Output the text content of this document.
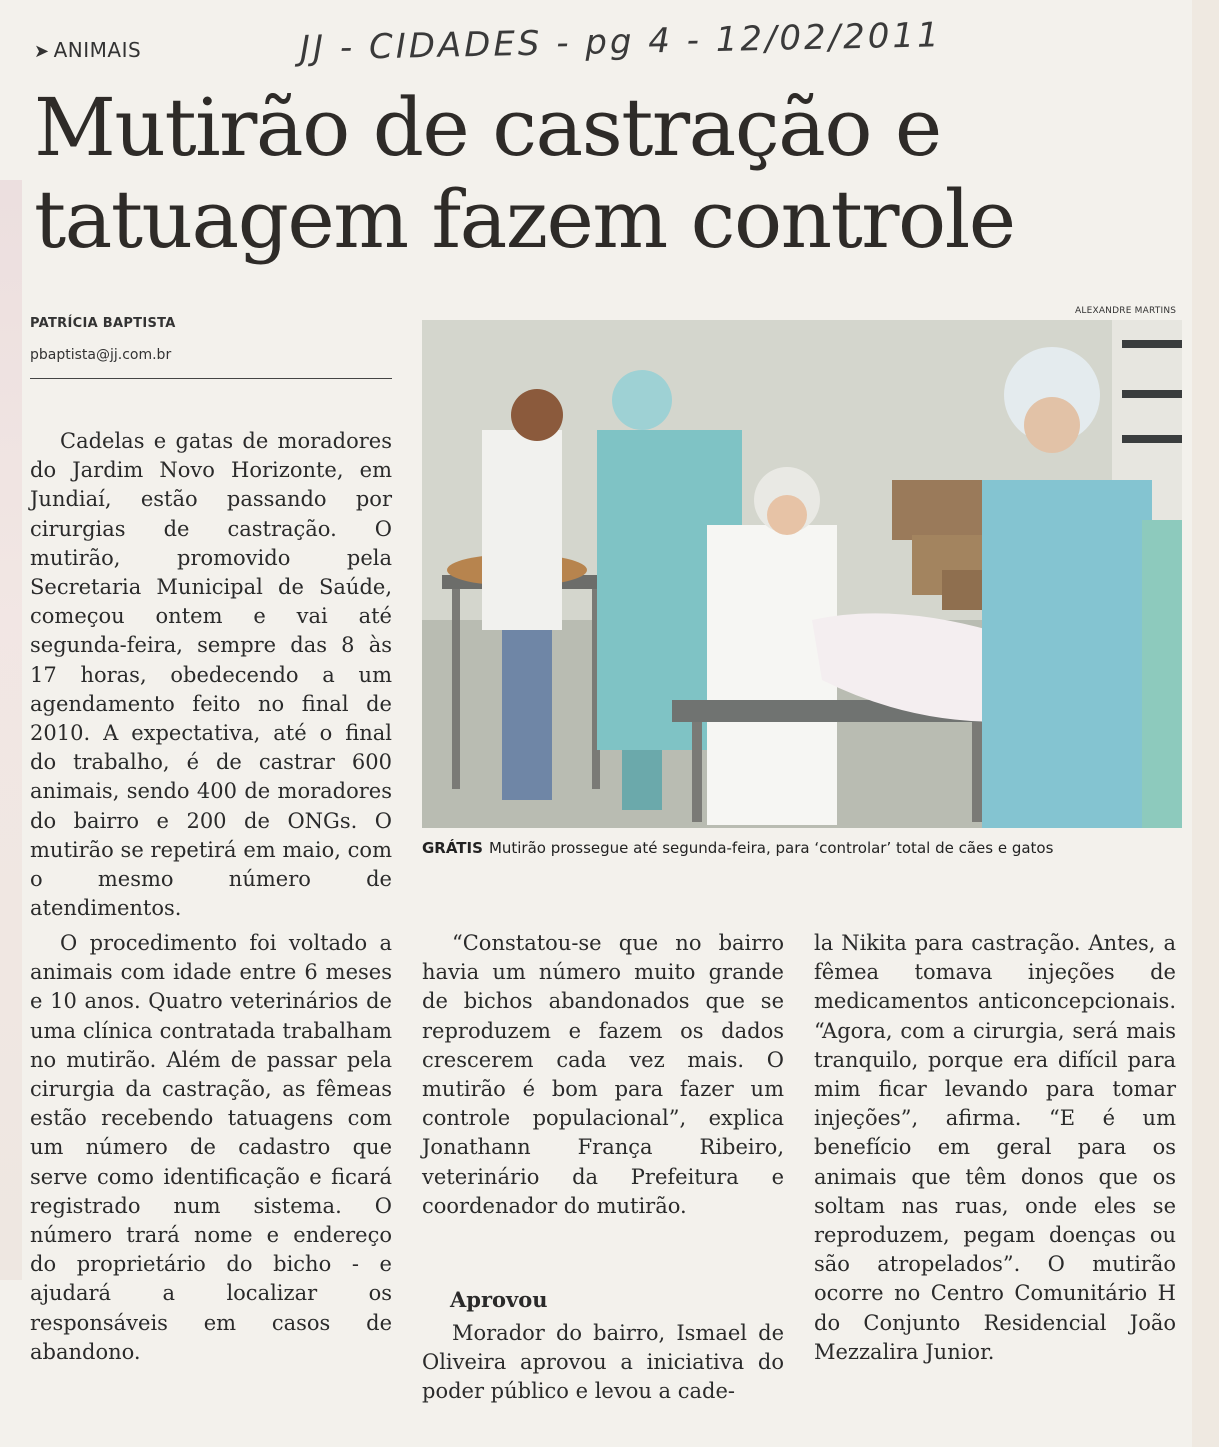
➤ ANIMAIS	JJ - CIDADES - pg 4 - 12/02/2011
Mutirão de castração e tatuagem fazem controle
PATRÍCIA BAPTISTA
pbaptista@jj.com.br
ALEXANDRE MARTINS
GRÁTIS Mutirão prossegue até segunda-feira, para ‘controlar’ total de cães e gatos

Cadelas e gatas de moradores do Jardim Novo Horizonte, em Jundiaí, estão passando por cirurgias de castração. O mutirão, promovido pela Secretaria Municipal de Saúde, começou ontem e vai até segunda-feira, sempre das 8 às 17 horas, obedecendo a um agendamento feito no final de 2010. A expectativa, até o final do trabalho, é de castrar 600 animais, sendo 400 de moradores do bairro e 200 de ONGs. O mutirão se repetirá em maio, com o mesmo número de atendimentos.

O procedimento foi voltado a animais com idade entre 6 meses e 10 anos. Quatro veterinários de uma clínica contratada trabalham no mutirão. Além de passar pela cirurgia da castração, as fêmeas estão recebendo tatuagens com um número de cadastro que serve como identificação e ficará registrado num sistema. O número trará nome e endereço do proprietário do bicho - e ajudará a localizar os responsáveis em casos de abandono.

“Constatou-se que no bairro havia um número muito grande de bichos abandonados que se reproduzem e fazem os dados crescerem cada vez mais. O mutirão é bom para fazer um controle populacional”, explica Jonathann França Ribeiro, veterinário da Prefeitura e coordenador do mutirão.

Aprovou

Morador do bairro, Ismael de Oliveira aprovou a iniciativa do poder público e levou a cade-

la Nikita para castração. Antes, a fêmea tomava injeções de medicamentos anticoncepcionais. “Agora, com a cirurgia, será mais tranquilo, porque era difícil para mim ficar levando para tomar injeções”, afirma. “E é um benefício em geral para os animais que têm donos que os soltam nas ruas, onde eles se reproduzem, pegam doenças ou são atropelados”. O mutirão ocorre no Centro Comunitário H do Conjunto Residencial João Mezzalira Junior.
